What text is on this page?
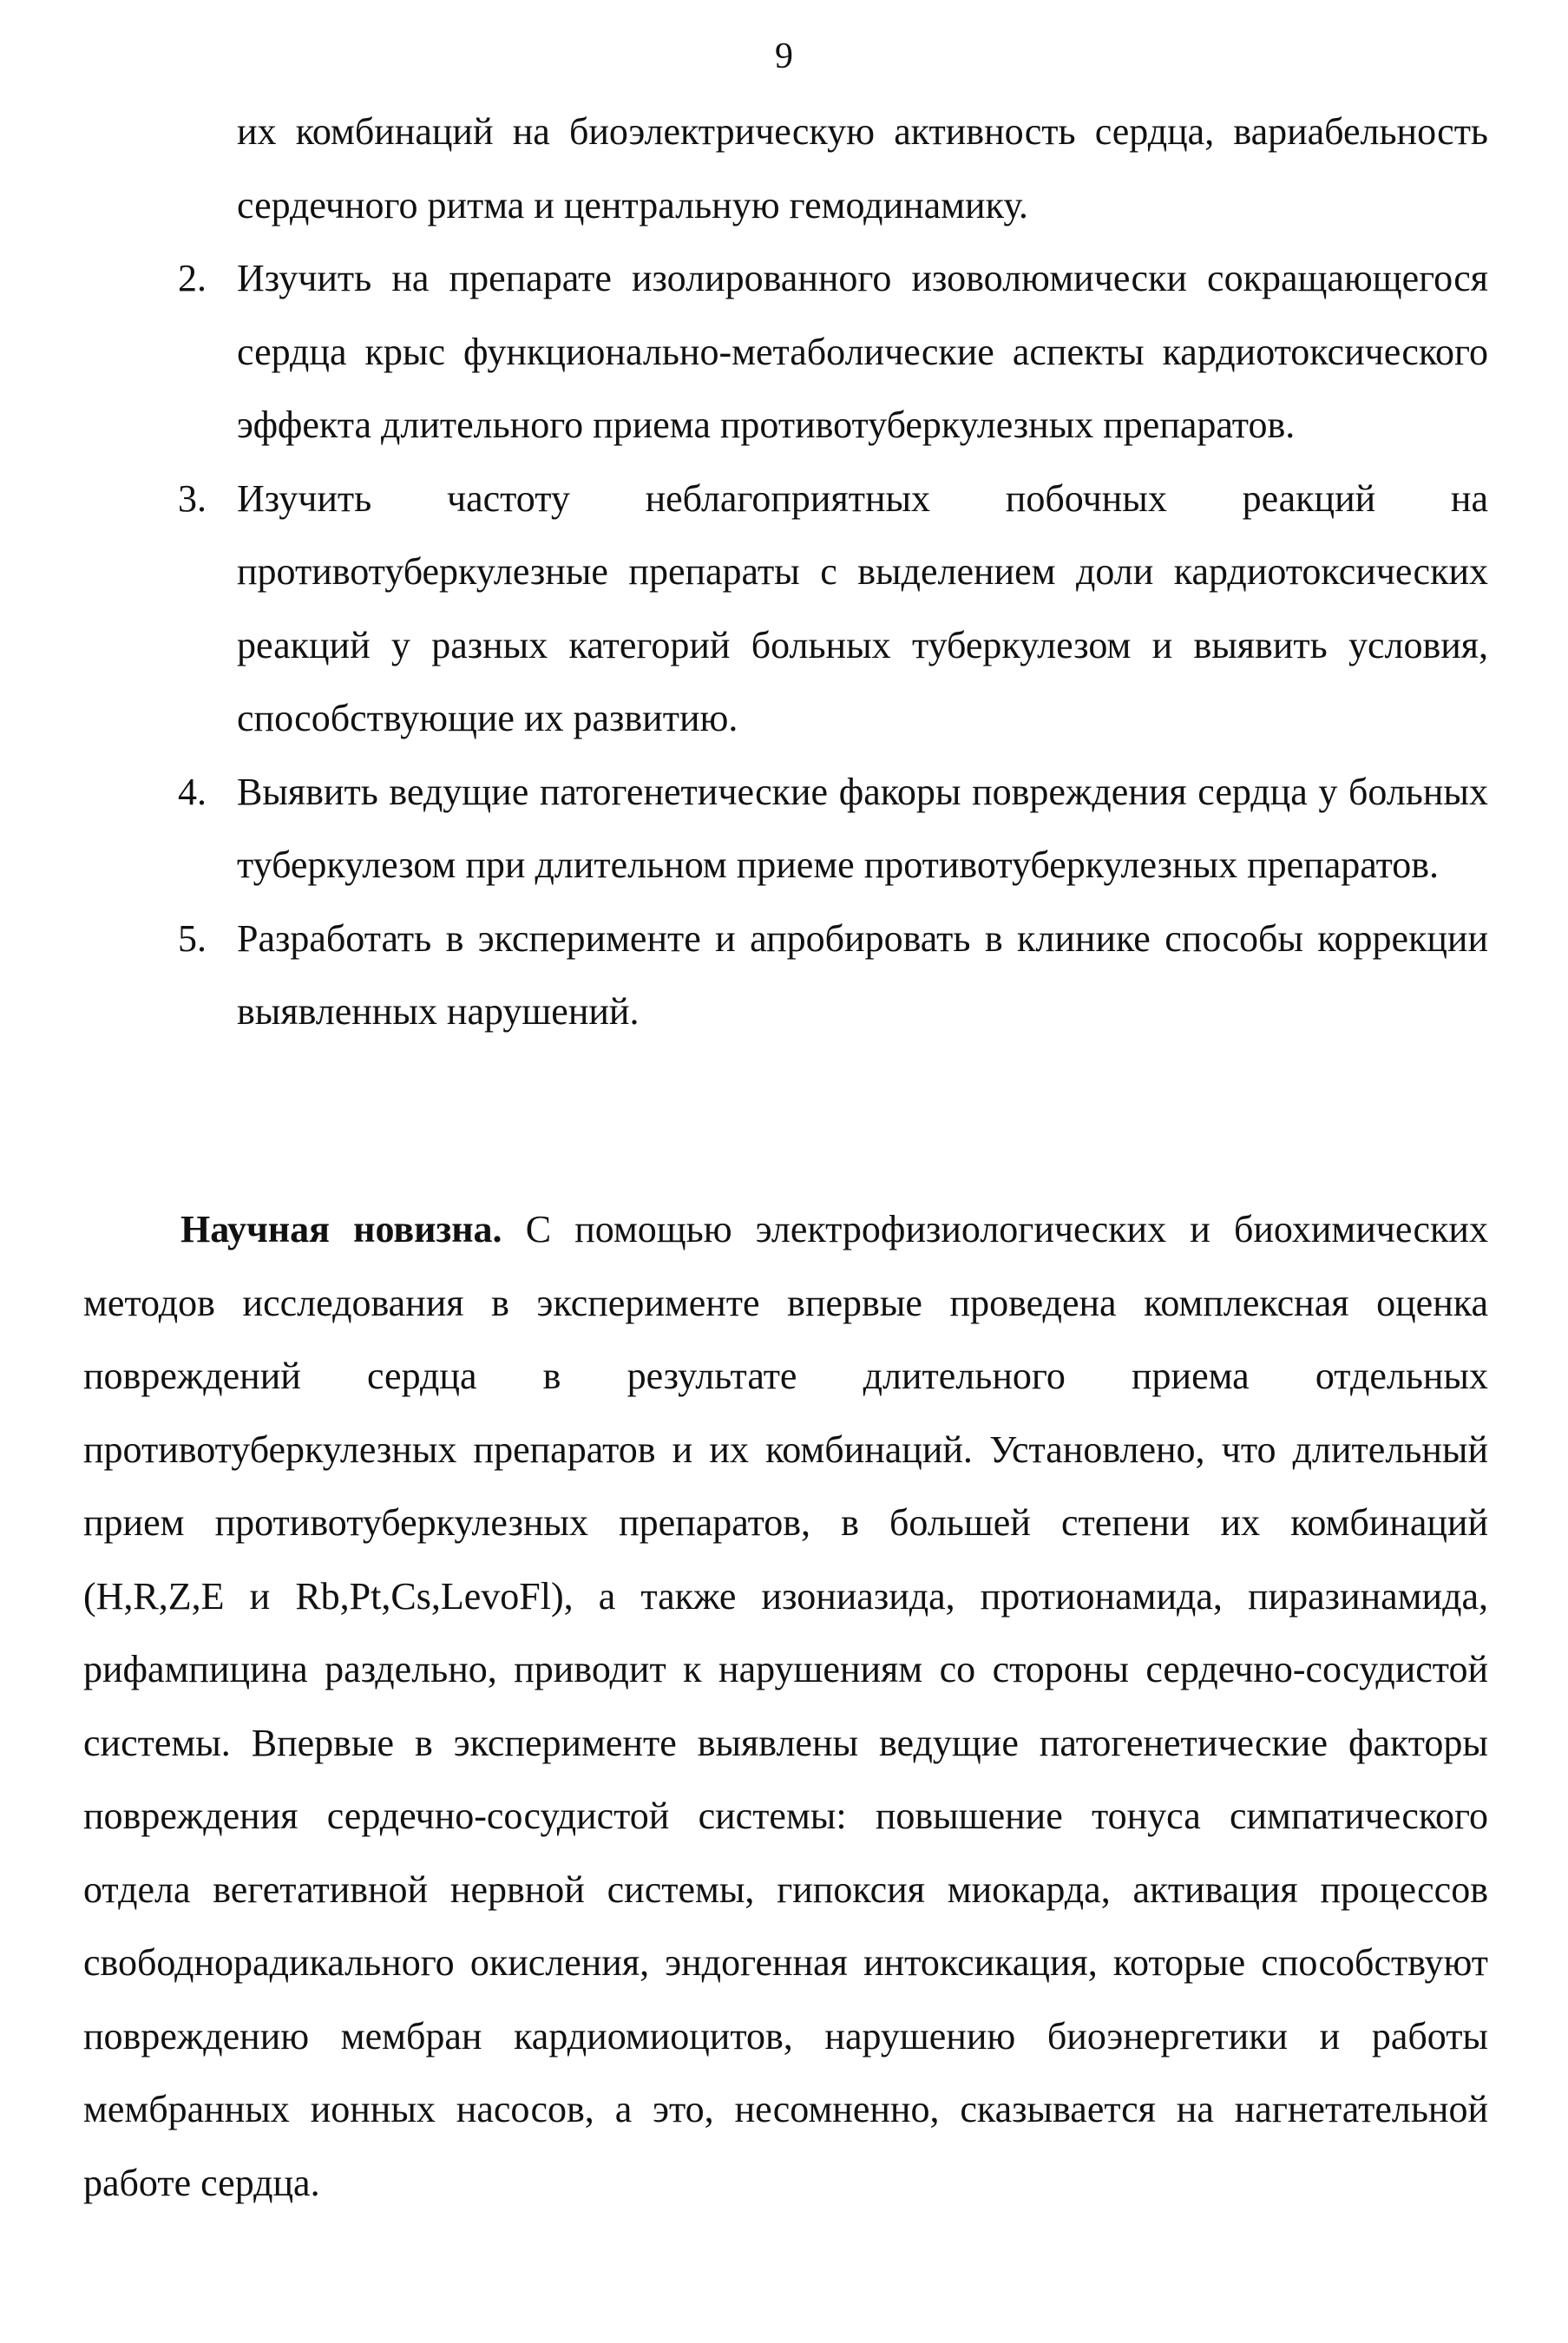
9
их комбинаций на биоэлектрическую активность сердца, вариабельность сердечного ритма и центральную гемодинамику.
2. Изучить на препарате изолированного изоволюмически сокращающегося сердца крыс функционально-метаболические аспекты кардиотоксического эффекта длительного приема противотуберкулезных препаратов.
3. Изучить частоту неблагоприятных побочных реакций на противотуберкулезные препараты с выделением доли кардиотоксических реакций у разных категорий больных туберкулезом и выявить условия, способствующие их развитию.
4. Выявить ведущие патогенетические факоры повреждения сердца у больных туберкулезом при длительном приеме противотуберкулезных препаратов.
5. Разработать в эксперименте и апробировать в клинике способы коррекции выявленных нарушений.
Научная новизна. С помощью электрофизиологических и биохимических методов исследования в эксперименте впервые проведена комплексная оценка повреждений сердца в результате длительного приема отдельных противотуберкулезных препаратов и их комбинаций. Установлено, что длительный прием противотуберкулезных препаратов, в большей степени их комбинаций (H,R,Z,E и Rb,Pt,Cs,LevoFl), а также изониазида, протионамида, пиразинамида, рифампицина раздельно, приводит к нарушениям со стороны сердечно-сосудистой системы. Впервые в эксперименте выявлены ведущие патогенетические факторы повреждения сердечно-сосудистой системы: повышение тонуса симпатического отдела вегетативной нервной системы, гипоксия миокарда, активация процессов свободнорадикального окисления, эндогенная интоксикация, которые способствуют повреждению мембран кардиомиоцитов, нарушению биоэнергетики и работы мембранных ионных насосов, а это, несомненно, сказывается на нагнетательной работе сердца.
